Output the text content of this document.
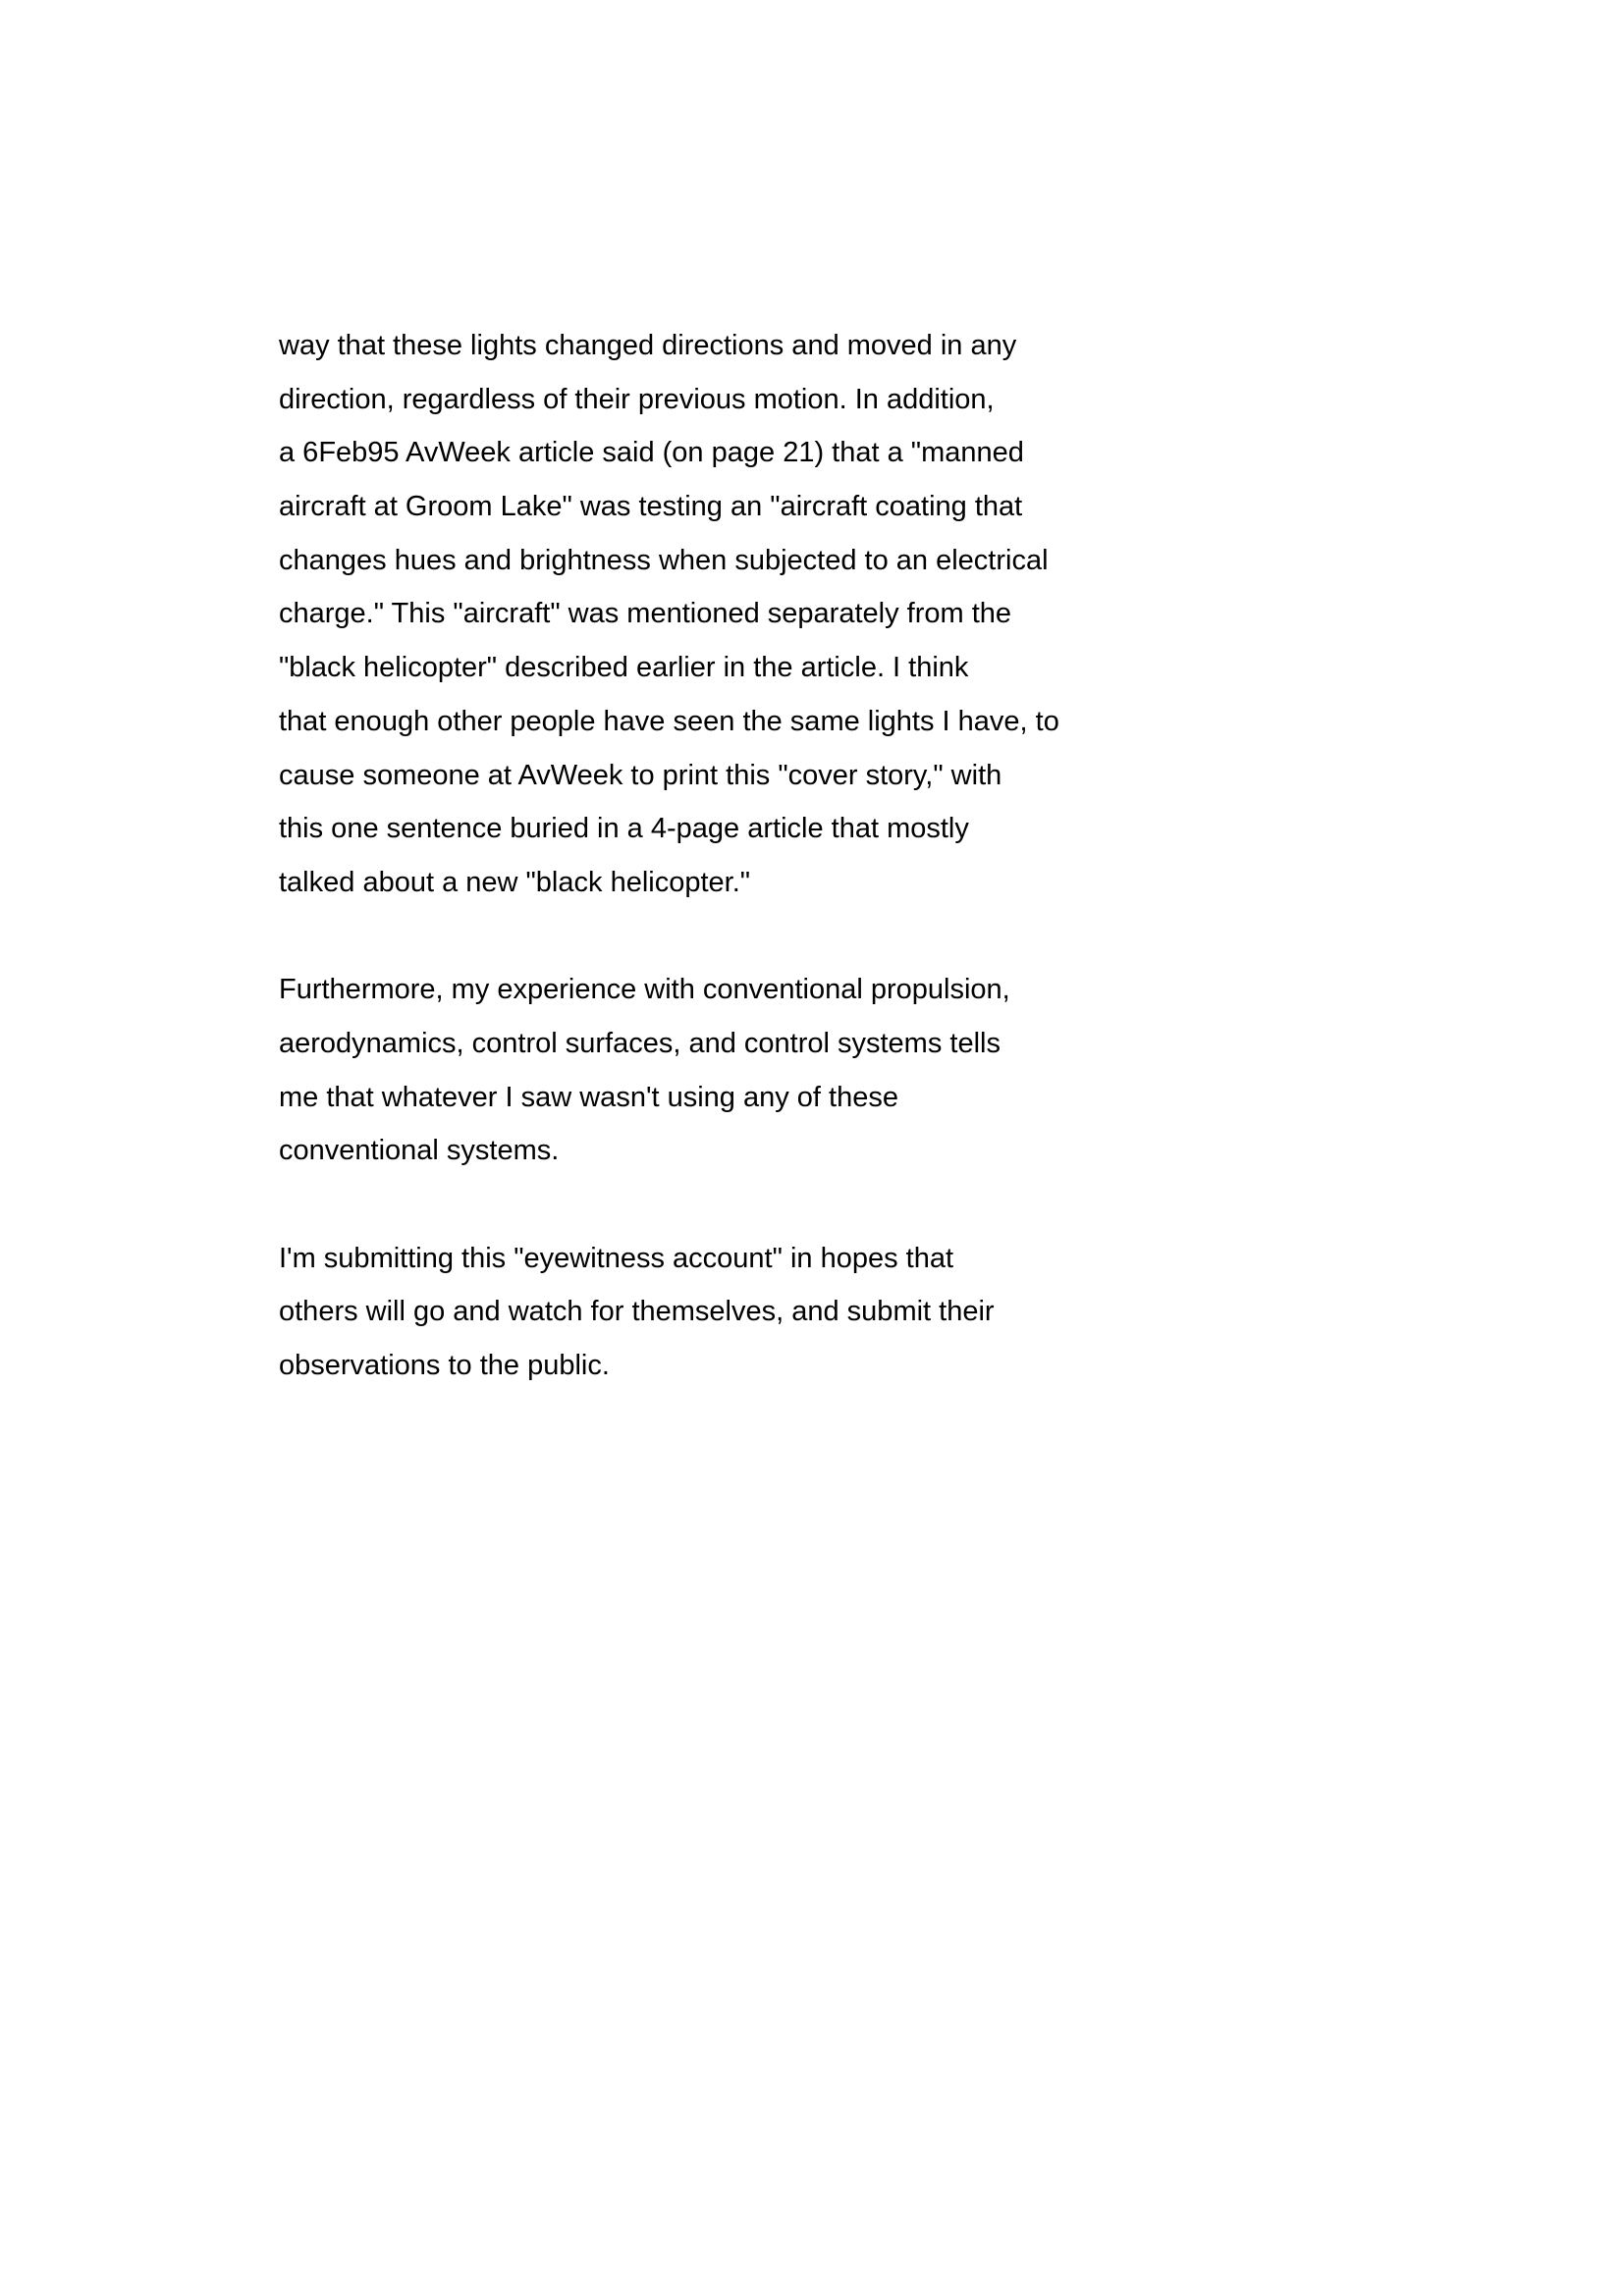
way that these lights changed directions and moved in any
direction, regardless of their previous motion. In addition,
a 6Feb95 AvWeek article said (on page 21) that a "manned
aircraft at Groom Lake" was testing an "aircraft coating that
changes hues and brightness when subjected to an electrical
charge." This "aircraft" was mentioned separately from the
"black helicopter" described earlier in the article. I think
that enough other people have seen the same lights I have, to
cause someone at AvWeek to print this "cover story," with
this one sentence buried in a 4-page article that mostly
talked about a new "black helicopter."

Furthermore, my experience with conventional propulsion,
aerodynamics, control surfaces, and control systems tells
me that whatever I saw wasn't using any of these
conventional systems.

I'm submitting this "eyewitness account" in hopes that
others will go and watch for themselves, and submit their
observations to the public.
